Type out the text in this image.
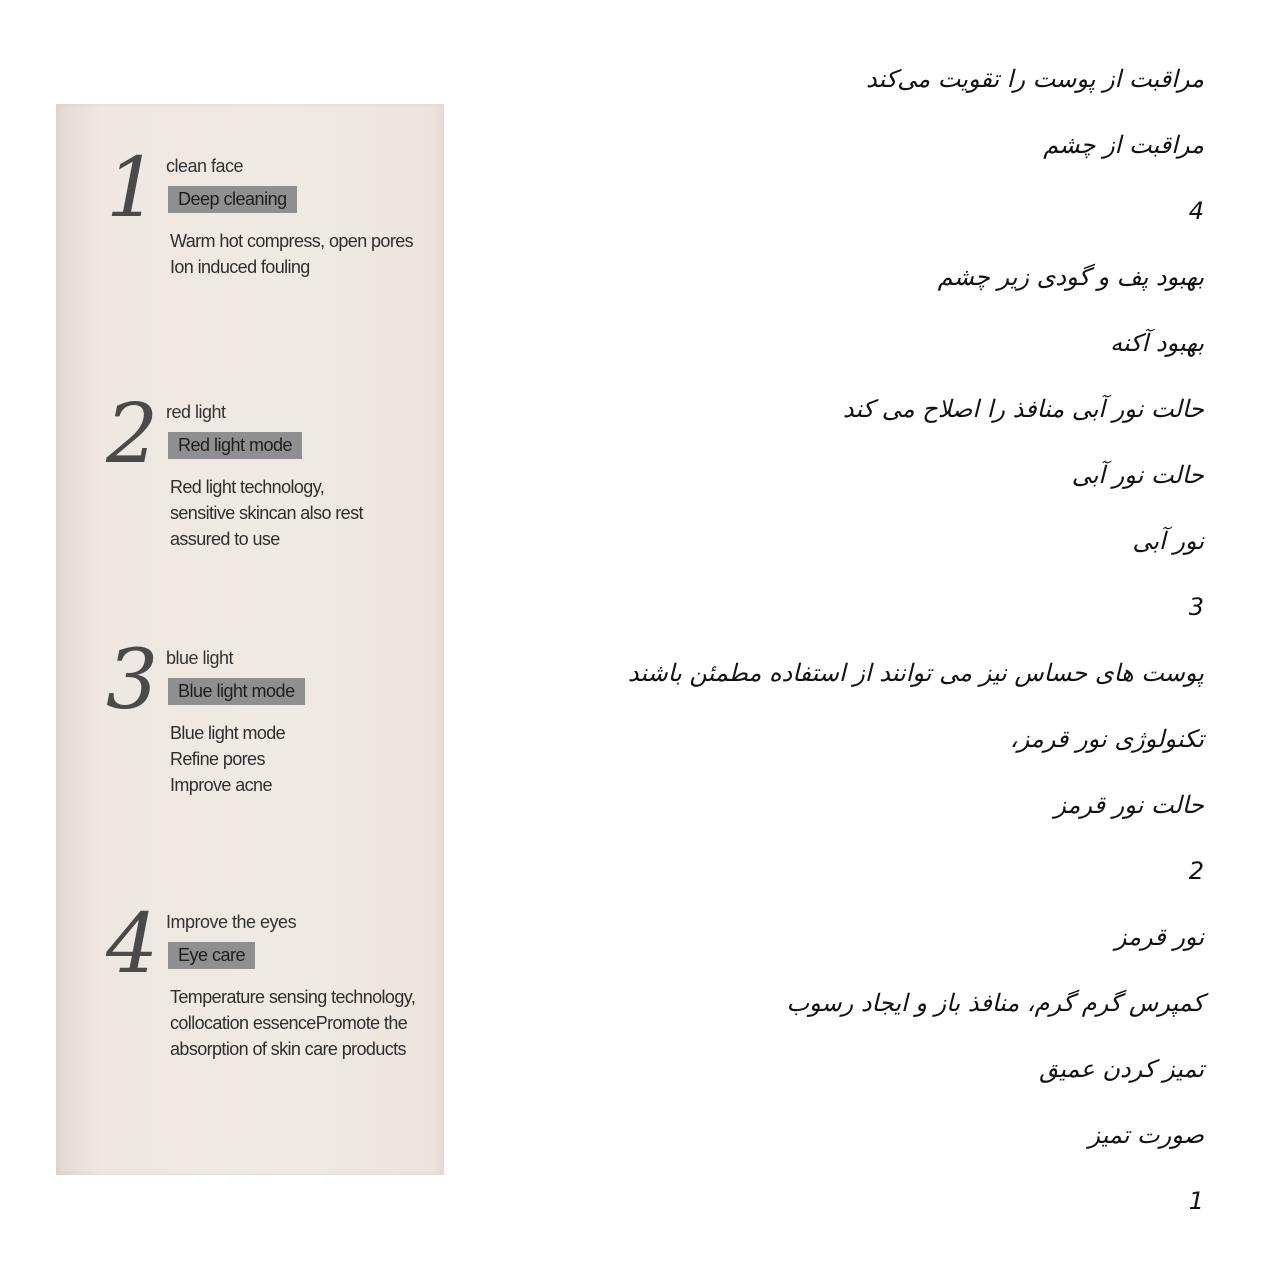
1 clean face
Deep cleaning
Warm hot compress, open pores
Ion induced fouling
2 red light
Red light mode
Red light technology,
sensitive skincan also rest
assured to use
3 blue light
Blue light mode
Blue light mode
Refine pores
Improve acne
4 Improve the eyes
Eye care
Temperature sensing technology,
collocation essencePromote the
absorption of skin care products
مراقبت از پوست را تقویت می‌کند
مراقبت از چشم
4
بهبود پف و گودی زیر چشم
بهبود آکنه
حالت نور آبی منافذ را اصلاح می کند
حالت نور آبی
نور آبی
3
پوست های حساس نیز می توانند از استفاده مطمئن باشند
تکنولوژی نور قرمز،
حالت نور قرمز
2
نور قرمز
کمپرس گرم گرم، منافذ باز و ایجاد رسوب
تمیز کردن عمیق
صورت تمیز
1
